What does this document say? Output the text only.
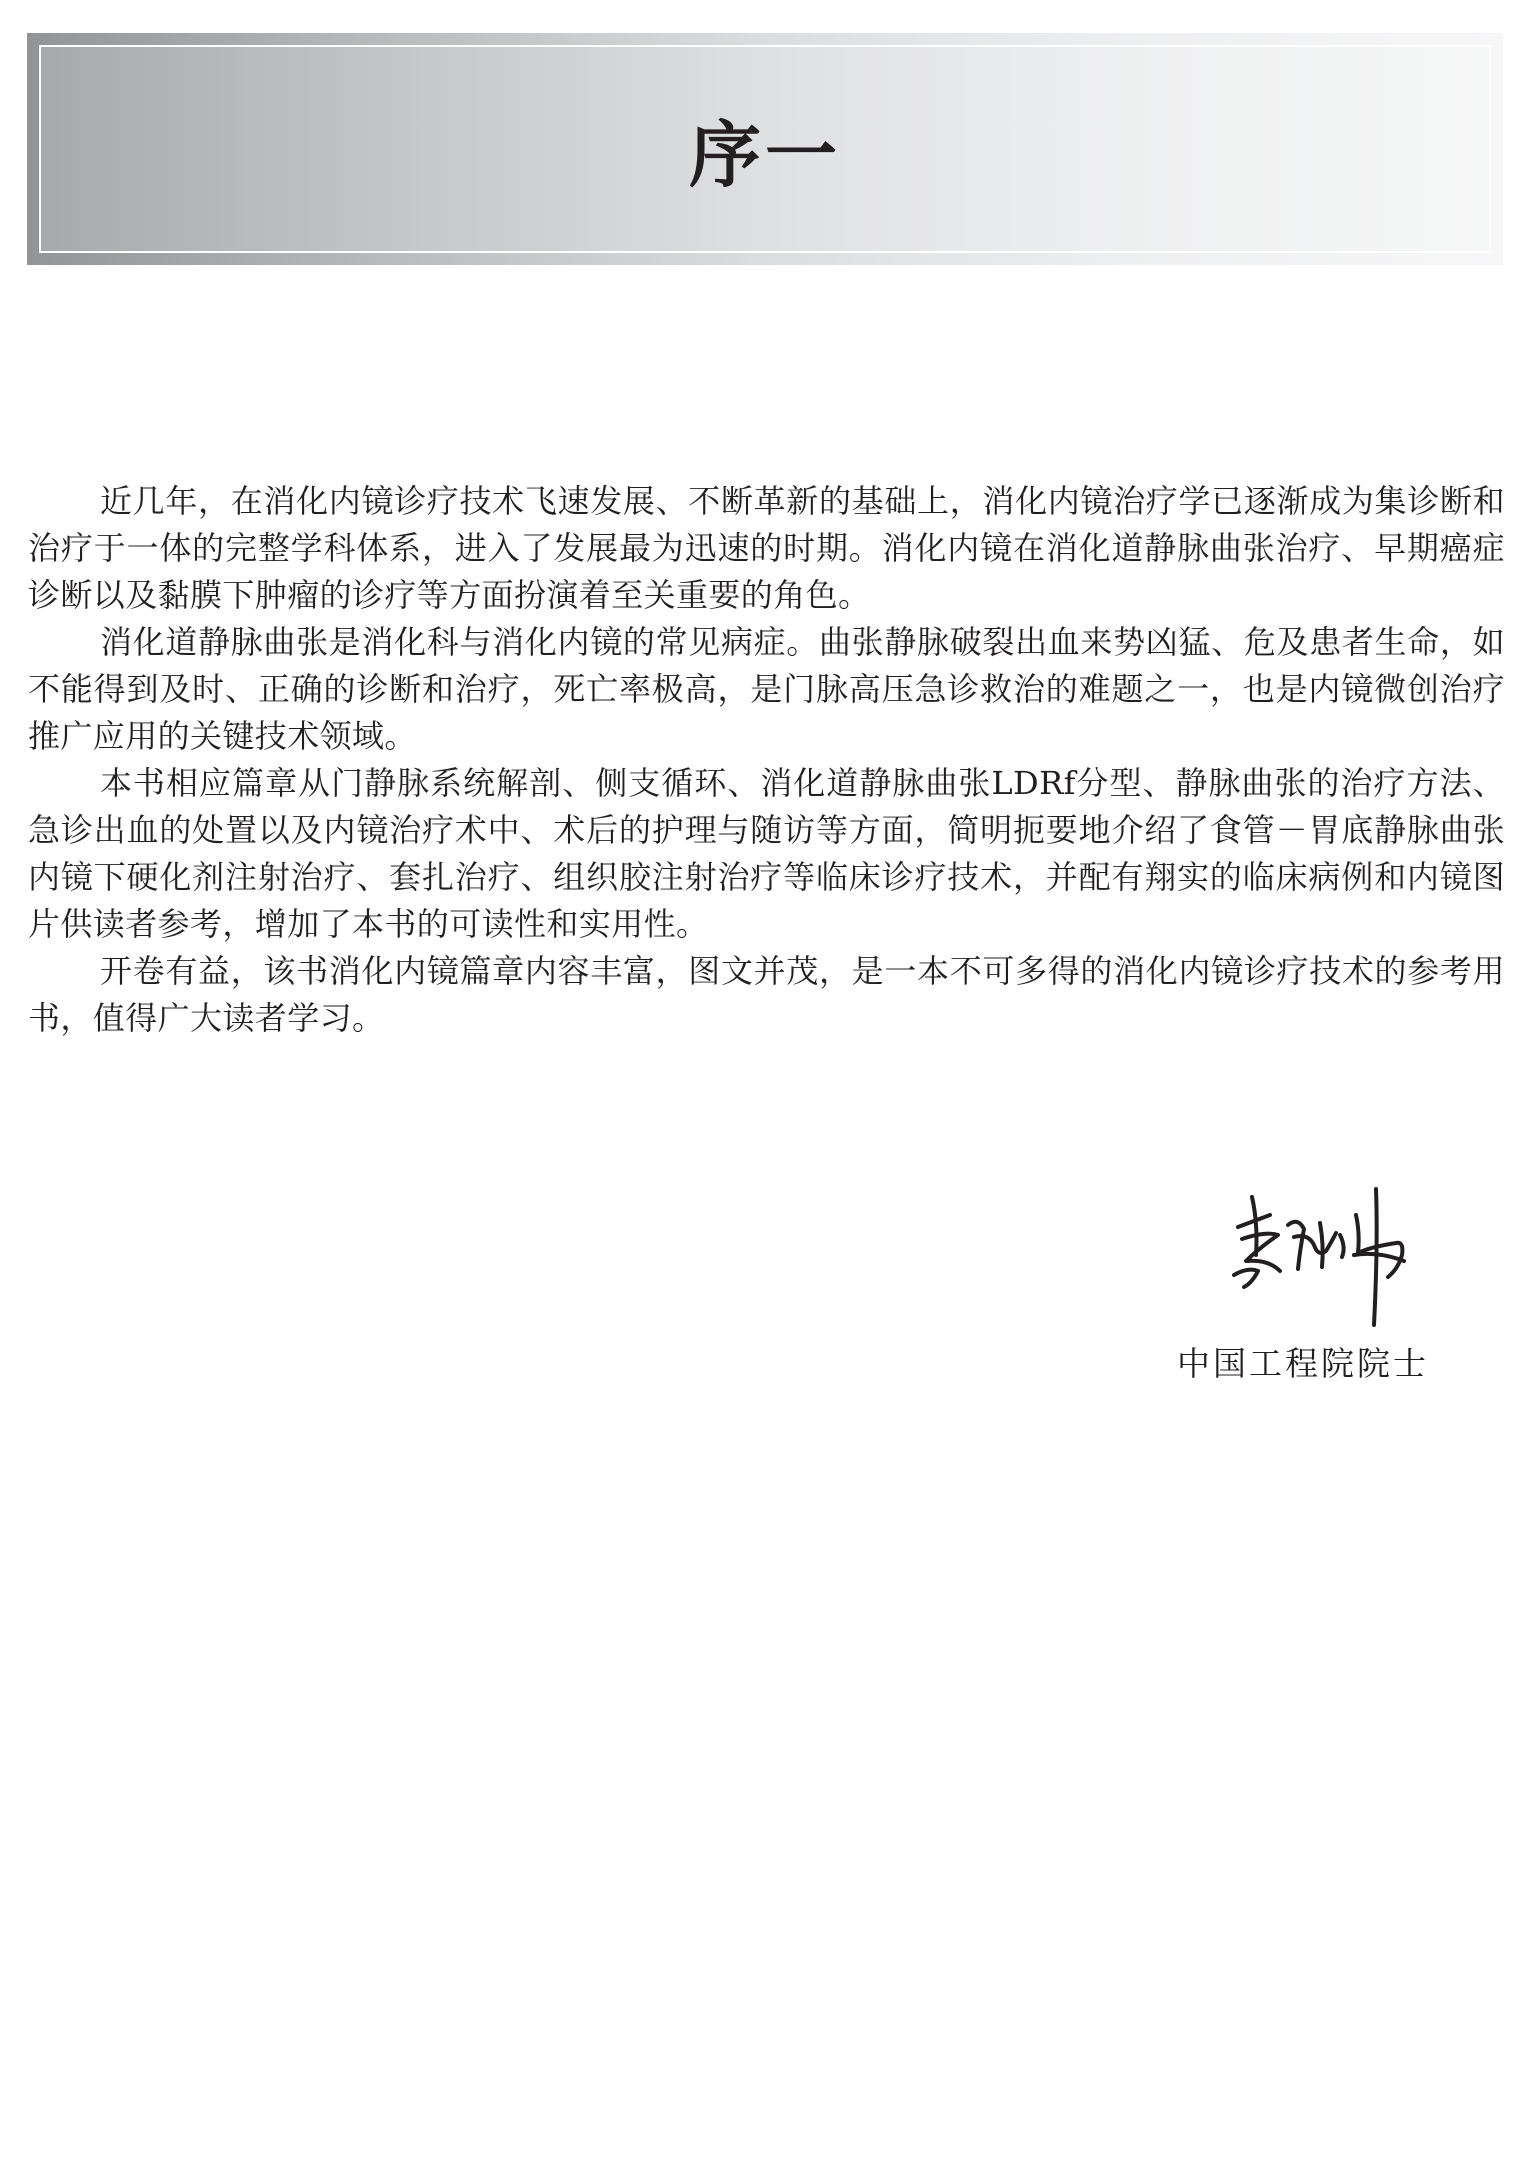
序一

近几年，在消化内镜诊疗技术飞速发展、不断革新的基础上，消化内镜治疗学已逐渐成为集诊断和治疗于一体的完整学科体系，进入了发展最为迅速的时期。消化内镜在消化道静脉曲张治疗、早期癌症诊断以及黏膜下肿瘤的诊疗等方面扮演着至关重要的角色。

消化道静脉曲张是消化科与消化内镜的常见病症。曲张静脉破裂出血来势凶猛、危及患者生命，如不能得到及时、正确的诊断和治疗，死亡率极高，是门脉高压急诊救治的难题之一，也是内镜微创治疗推广应用的关键技术领域。

本书相应篇章从门静脉系统解剖、侧支循环、消化道静脉曲张LDRf分型、静脉曲张的治疗方法、急诊出血的处置以及内镜治疗术中、术后的护理与随访等方面，简明扼要地介绍了食管－胃底静脉曲张内镜下硬化剂注射治疗、套扎治疗、组织胶注射治疗等临床诊疗技术，并配有翔实的临床病例和内镜图片供读者参考，增加了本书的可读性和实用性。

开卷有益，该书消化内镜篇章内容丰富，图文并茂，是一本不可多得的消化内镜诊疗技术的参考用书，值得广大读者学习。

中国工程院院士
